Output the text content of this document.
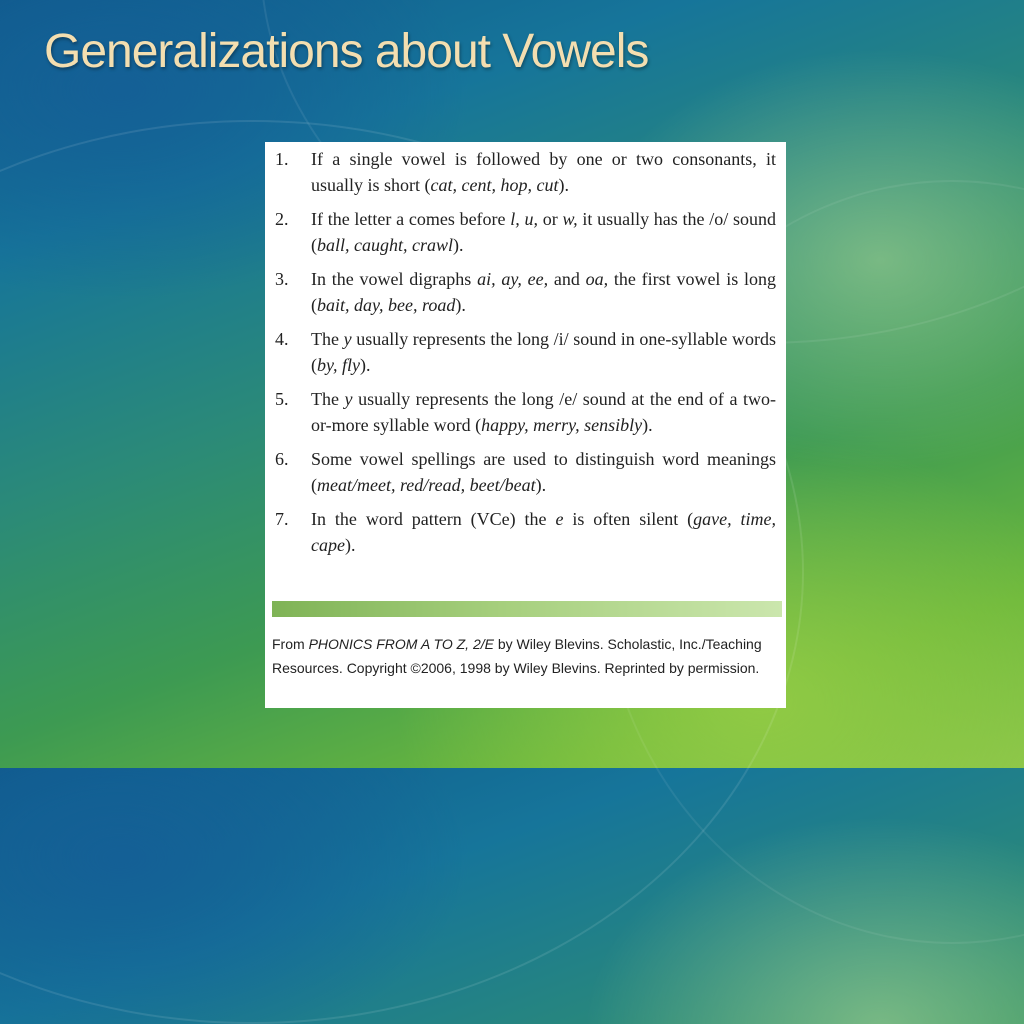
Generalizations about Vowels
1.	If a single vowel is followed by one or two consonants, it usually is short (cat, cent, hop, cut).
2.	If the letter a comes before l, u, or w, it usually has the /o/ sound (ball, caught, crawl).
3.	In the vowel digraphs ai, ay, ee, and oa, the first vowel is long (bait, day, bee, road).
4.	The y usually represents the long /i/ sound in one-syllable words (by, fly).
5.	The y usually represents the long /e/ sound at the end of a two-or-more syllable word (happy, merry, sensibly).
6.	Some vowel spellings are used to distinguish word meanings (meat/meet, red/read, beet/beat).
7.	In the word pattern (VCe) the e is often silent (gave, time, cape).
From PHONICS FROM A TO Z, 2/E by Wiley Blevins. Scholastic, Inc./Teaching Resources. Copyright ©2006, 1998 by Wiley Blevins. Reprinted by permission.
